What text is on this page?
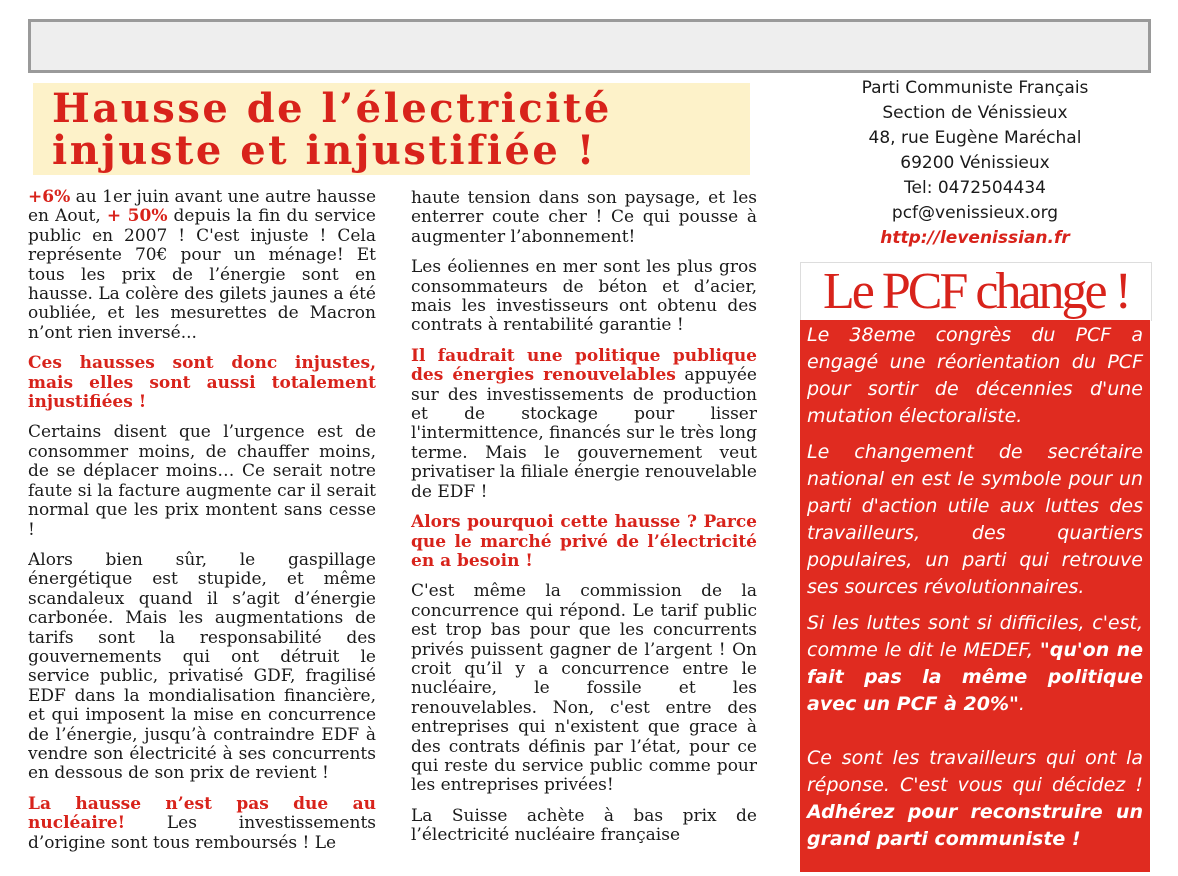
Hausse de l’électricité
injuste et injustifiée !

+6% au 1er juin avant une autre hausse en Aout, + 50% depuis la fin du service public en 2007 ! C'est injuste ! Cela représente 70€ pour un ménage! Et tous les prix de l’énergie sont en hausse. La colère des gilets jaunes a été oubliée, et les mesurettes de Macron n’ont rien inversé...

Ces hausses sont donc injustes, mais elles sont aussi totalement injustifiées !

Certains disent que l’urgence est de consommer moins, de chauffer moins, de se déplacer moins… Ce serait notre faute si la facture augmente car il serait normal que les prix montent sans cesse !

Alors bien sûr, le gaspillage énergétique est stupide, et même scandaleux quand il s’agit d’énergie carbonée. Mais les augmentations de tarifs sont la responsabilité des gouvernements qui ont détruit le service public, privatisé GDF, fragilisé EDF dans la mondialisation financière, et qui imposent la mise en concurrence de l’énergie, jusqu’à contraindre EDF à vendre son électricité à ses concurrents en dessous de son prix de revient !

La hausse n’est pas due au nucléaire! Les investissements d’origine sont tous remboursés ! Le

haute tension dans son paysage, et les enterrer coute cher ! Ce qui pousse à augmenter l’abonnement!

Les éoliennes en mer sont les plus gros consommateurs de béton et d’acier, mais les investisseurs ont obtenu des contrats à rentabilité garantie !

Il faudrait une politique publique des énergies renouvelables appuyée sur des investissements de production et de stockage pour lisser l'intermittence, financés sur le très long terme. Mais le gouvernement veut privatiser la filiale énergie renouvelable de EDF !

Alors pourquoi cette hausse ? Parce que le marché privé de l’électricité en a besoin !

C'est même la commission de la concurrence qui répond. Le tarif public est trop bas pour que les concurrents privés puissent gagner de l’argent ! On croit qu’il y a concurrence entre le nucléaire, le fossile et les renouvelables. Non, c'est entre des entreprises qui n'existent que grace à des contrats définis par l’état, pour ce qui reste du service public comme pour les entreprises privées!

La Suisse achète à bas prix de l’électricité nucléaire française

Parti Communiste Français
Section de Vénissieux
48, rue Eugène Maréchal
69200 Vénissieux
Tel: 0472504434
pcf@venissieux.org
http://levenissian.fr
Le PCF change !

Le 38eme congrès du PCF a engagé une réorientation du PCF pour sortir de décennies d'une mutation électoraliste.

Le changement de secrétaire national en est le symbole pour un parti d'action utile aux luttes des travailleurs, des quartiers populaires, un parti qui retrouve ses sources révolutionnaires.

Si les luttes sont si difficiles, c'est, comme le dit le MEDEF, "qu'on ne fait pas la même politique avec un PCF à 20%".

Ce sont les travailleurs qui ont la réponse. C'est vous qui décidez ! Adhérez pour reconstruire un grand parti communiste !
